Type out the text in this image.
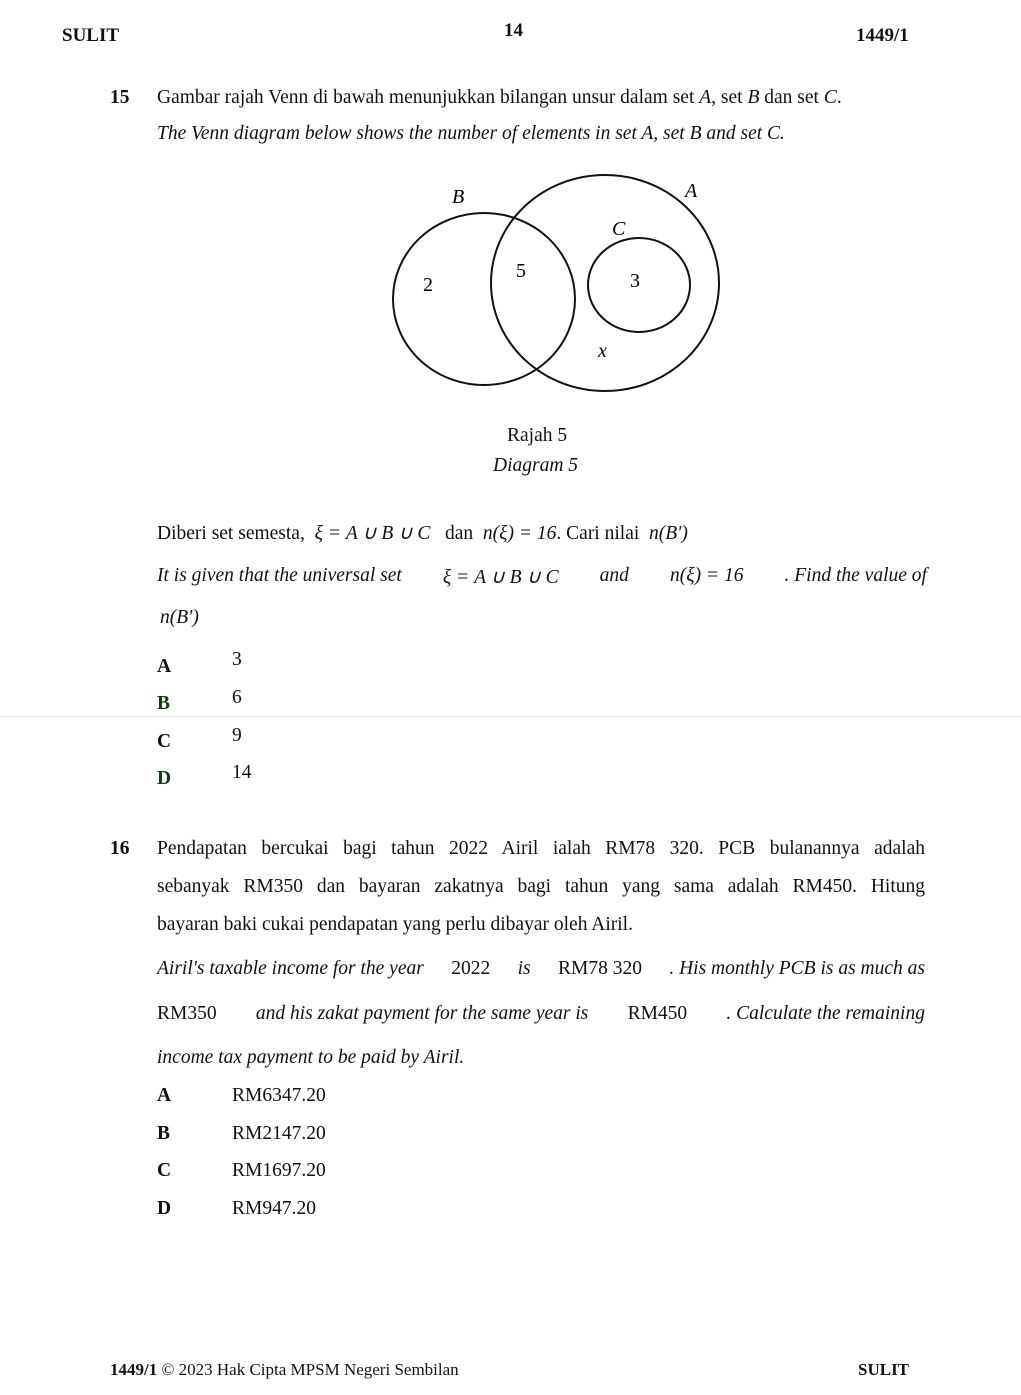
SULIT	14	1449/1
15 Gambar rajah Venn di bawah menunjukkan bilangan unsur dalam set A, set B dan set C.
The Venn diagram below shows the number of elements in set A, set B and set C.
B	A
C
2
5	3
x
Rajah 5
Diagram 5
Diberi set semesta, ξ = A ∪ B ∪ C dan n(ξ) = 16. Cari nilai n(B')
It is given that the universal set ξ = A ∪ B ∪ C and n(ξ) = 16 . Find the value of
n(B')
A	3
B	6
C	9
D	14
16 Pendapatan bercukai bagi tahun 2022 Airil ialah RM78 320. PCB bulanannya adalah
sebanyak RM350 dan bayaran zakatnya bagi tahun yang sama adalah RM450. Hitung
bayaran baki cukai pendapatan yang perlu dibayar oleh Airil.
Airil's taxable income for the year 2022 is RM78 320 . His monthly PCB is as much as
RM350 and his zakat payment for the same year is RM450 . Calculate the remaining
income tax payment to be paid by Airil.
A	RM6347.20
B	RM2147.20
C	RM1697.20
D	RM947.20
1449/1 © 2023 Hak Cipta MPSM Negeri Sembilan	SULIT
